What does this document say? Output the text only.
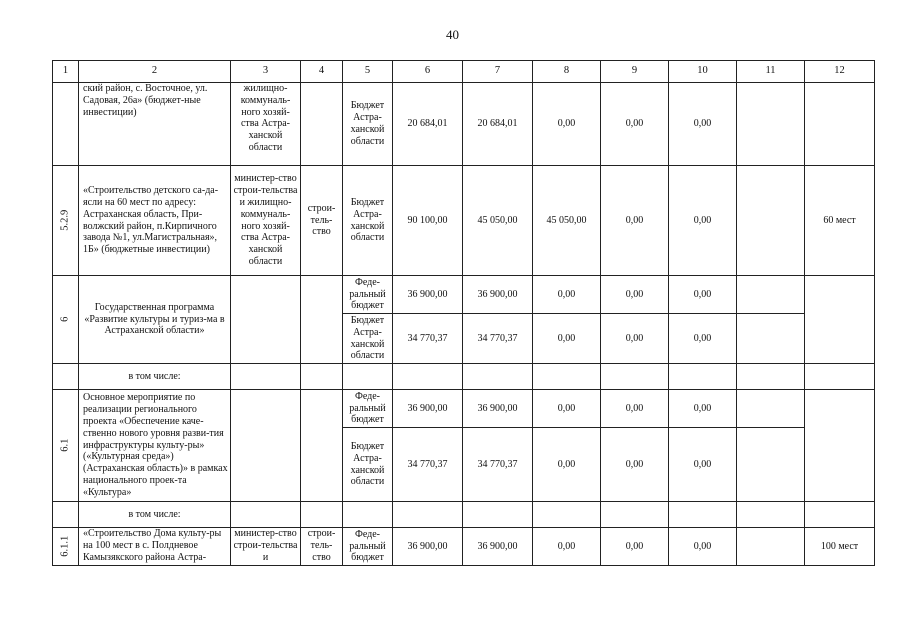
40
1	2	3	4	5	6	7	8	9	10	11	12
	ский район, с. Восточное, ул. Садовая, 26а» (бюджет-ные инвестиции)	жилищно-коммуналь-ного хозяй-ства Астра-ханской области		Бюджет Астра-ханской области	20 684,01	20 684,01	0,00	0,00	0,00		
5.2.9	«Строительство детского са-да-ясли на 60 мест по адресу: Астраханская область, При-волжский район, п.Кирпичного завода №1, ул.Магистральная», 1Б» (бюджетные инвестиции)	министер-ство строи-тельства и жилищно-коммуналь-ного хозяй-ства Астра-ханской области	строи-тель-ство	Бюджет Астра-ханской области	90 100,00	45 050,00	45 050,00	0,00	0,00		60 мест
6	Государственная программа «Развитие культуры и туриз-ма в Астраханской области»			Феде-ральный бюджет	36 900,00	36 900,00	0,00	0,00	0,00		
				Бюджет Астра-ханской области	34 770,37	34 770,37	0,00	0,00	0,00		
	в том числе:										
6.1	Основное мероприятие по реализации регионального проекта «Обеспечение каче-ственно нового уровня разви-тия инфраструктуры культу-ры» («Культурная среда») (Астраханская область)» в рамках национального проек-та «Культура»			Феде-ральный бюджет	36 900,00	36 900,00	0,00	0,00	0,00		
				Бюджет Астра-ханской области	34 770,37	34 770,37	0,00	0,00	0,00		
	в том числе:										
6.1.1	«Строительство Дома культу-ры на 100 мест в с. Полдневое Камызякского района Астра-	министер-ство строи-тельства и	строи-тель-ство	Феде-ральный бюджет	36 900,00	36 900,00	0,00	0,00	0,00		100 мест
